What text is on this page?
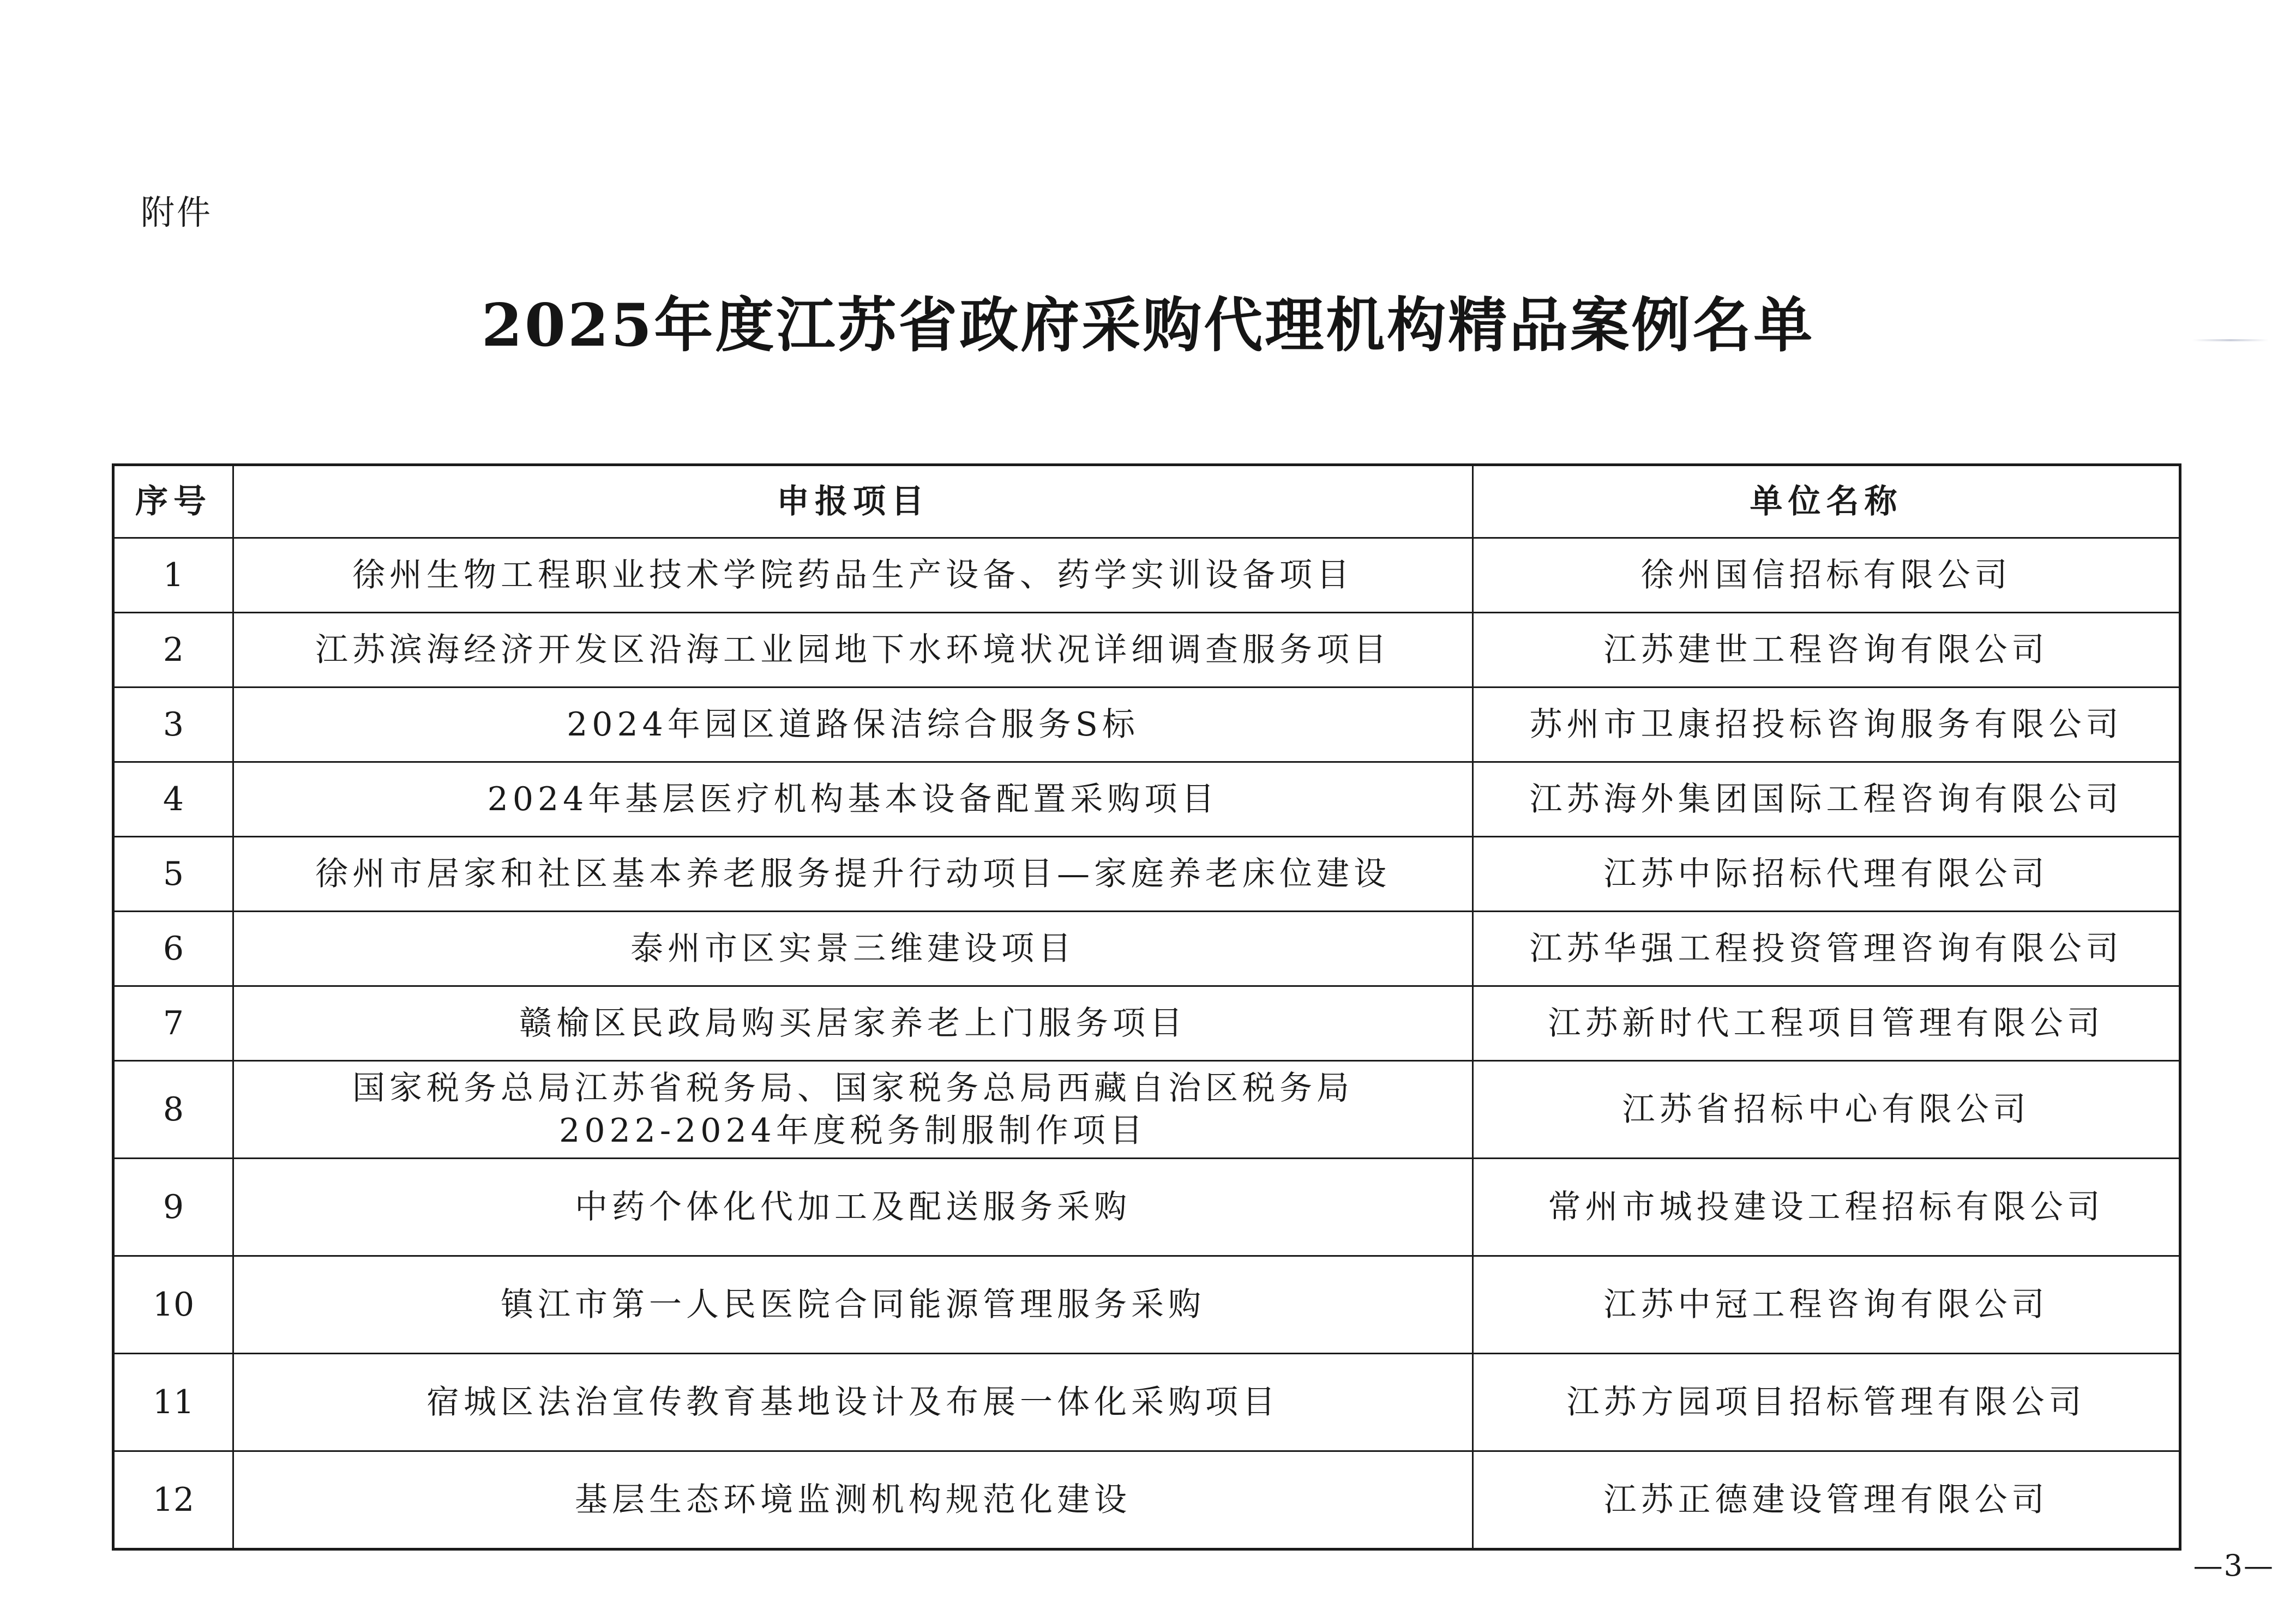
附件
2025年度江苏省政府采购代理机构精品案例名单
序号	申报项目	单位名称
1	徐州生物工程职业技术学院药品生产设备、药学实训设备项目	徐州国信招标有限公司
2	江苏滨海经济开发区沿海工业园地下水环境状况详细调查服务项目	江苏建世工程咨询有限公司
3	2024年园区道路保洁综合服务S标	苏州市卫康招投标咨询服务有限公司
4	2024年基层医疗机构基本设备配置采购项目	江苏海外集团国际工程咨询有限公司
5	徐州市居家和社区基本养老服务提升行动项目—家庭养老床位建设	江苏中际招标代理有限公司
6	泰州市区实景三维建设项目	江苏华强工程投资管理咨询有限公司
7	赣榆区民政局购买居家养老上门服务项目	江苏新时代工程项目管理有限公司
8	国家税务总局江苏省税务局、国家税务总局西藏自治区税务局
2022-2024年度税务制服制作项目	江苏省招标中心有限公司
9	中药个体化代加工及配送服务采购	常州市城投建设工程招标有限公司
10	镇江市第一人民医院合同能源管理服务采购	江苏中冠工程咨询有限公司
11	宿城区法治宣传教育基地设计及布展一体化采购项目	江苏方园项目招标管理有限公司
12	基层生态环境监测机构规范化建设	江苏正德建设管理有限公司
—3—
